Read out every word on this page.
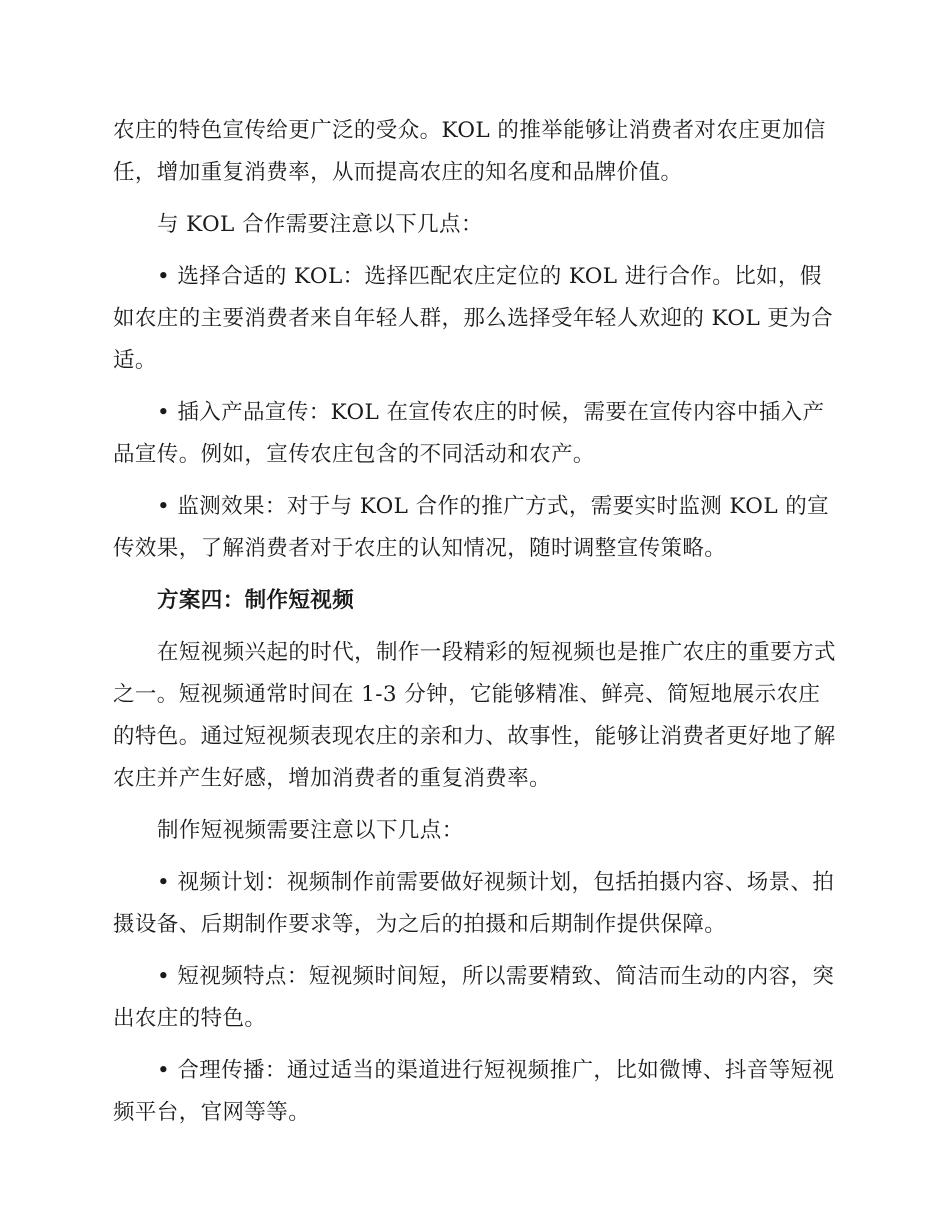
农庄的特色宣传给更广泛的受众。KOL 的推举能够让消费者对农庄更加信任，增加重复消费率，从而提高农庄的知名度和品牌价值。

与 KOL 合作需要注意以下几点：

• 选择合适的 KOL：选择匹配农庄定位的 KOL 进行合作。比如，假如农庄的主要消费者来自年轻人群，那么选择受年轻人欢迎的 KOL 更为合适。

• 插入产品宣传：KOL 在宣传农庄的时候，需要在宣传内容中插入产品宣传。例如，宣传农庄包含的不同活动和农产。

• 监测效果：对于与 KOL 合作的推广方式，需要实时监测 KOL 的宣传效果，了解消费者对于农庄的认知情况，随时调整宣传策略。

方案四：制作短视频

在短视频兴起的时代，制作一段精彩的短视频也是推广农庄的重要方式之一。短视频通常时间在 1-3 分钟，它能够精准、鲜亮、简短地展示农庄的特色。通过短视频表现农庄的亲和力、故事性，能够让消费者更好地了解农庄并产生好感，增加消费者的重复消费率。

制作短视频需要注意以下几点：

• 视频计划：视频制作前需要做好视频计划，包括拍摄内容、场景、拍摄设备、后期制作要求等，为之后的拍摄和后期制作提供保障。

• 短视频特点：短视频时间短，所以需要精致、简洁而生动的内容，突出农庄的特色。

• 合理传播：通过适当的渠道进行短视频推广，比如微博、抖音等短视频平台，官网等等。
